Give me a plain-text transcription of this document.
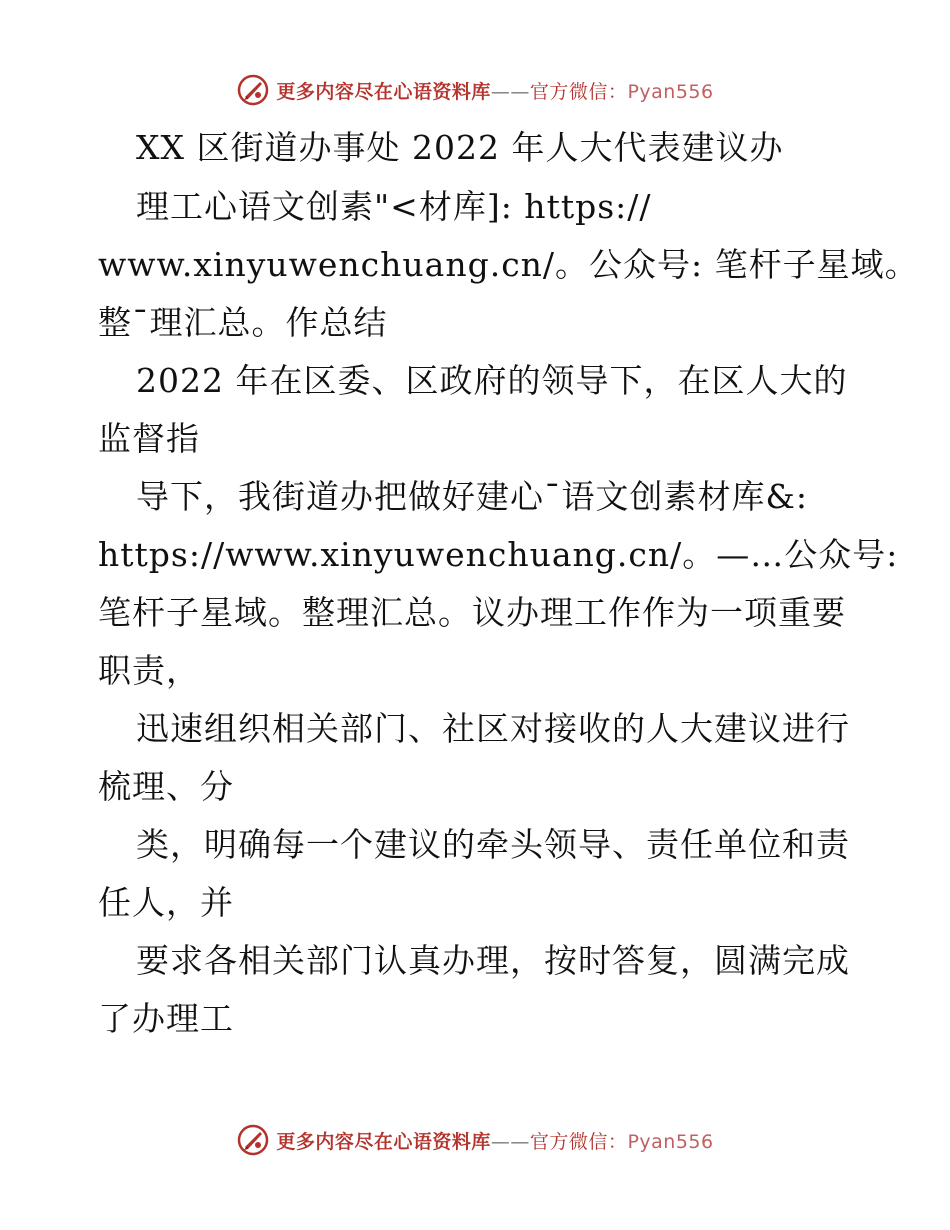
更多内容尽在心语资料库——官方微信：Pyan556
XX 区街道办事处 2022 年人大代表建议办
理工心语文创素"<材库]: https://
www.xinyuwenchuang.cn/。公众号: 笔杆子星域。
整¯理汇总。作总结
2022 年在区委、区政府的领导下，在区人大的
监督指
导下，我街道办把做好建心¯语文创素材库&:
https://www.xinyuwenchuang.cn/。—…公众号:
笔杆子星域。整理汇总。议办理工作作为一项重要
职责，
迅速组织相关部门、社区对接收的人大建议进行
梳理、分
类，明确每一个建议的牵头领导、责任单位和责
任人，并
要求各相关部门认真办理，按时答复，圆满完成
了办理工
更多内容尽在心语资料库——官方微信：Pyan556
